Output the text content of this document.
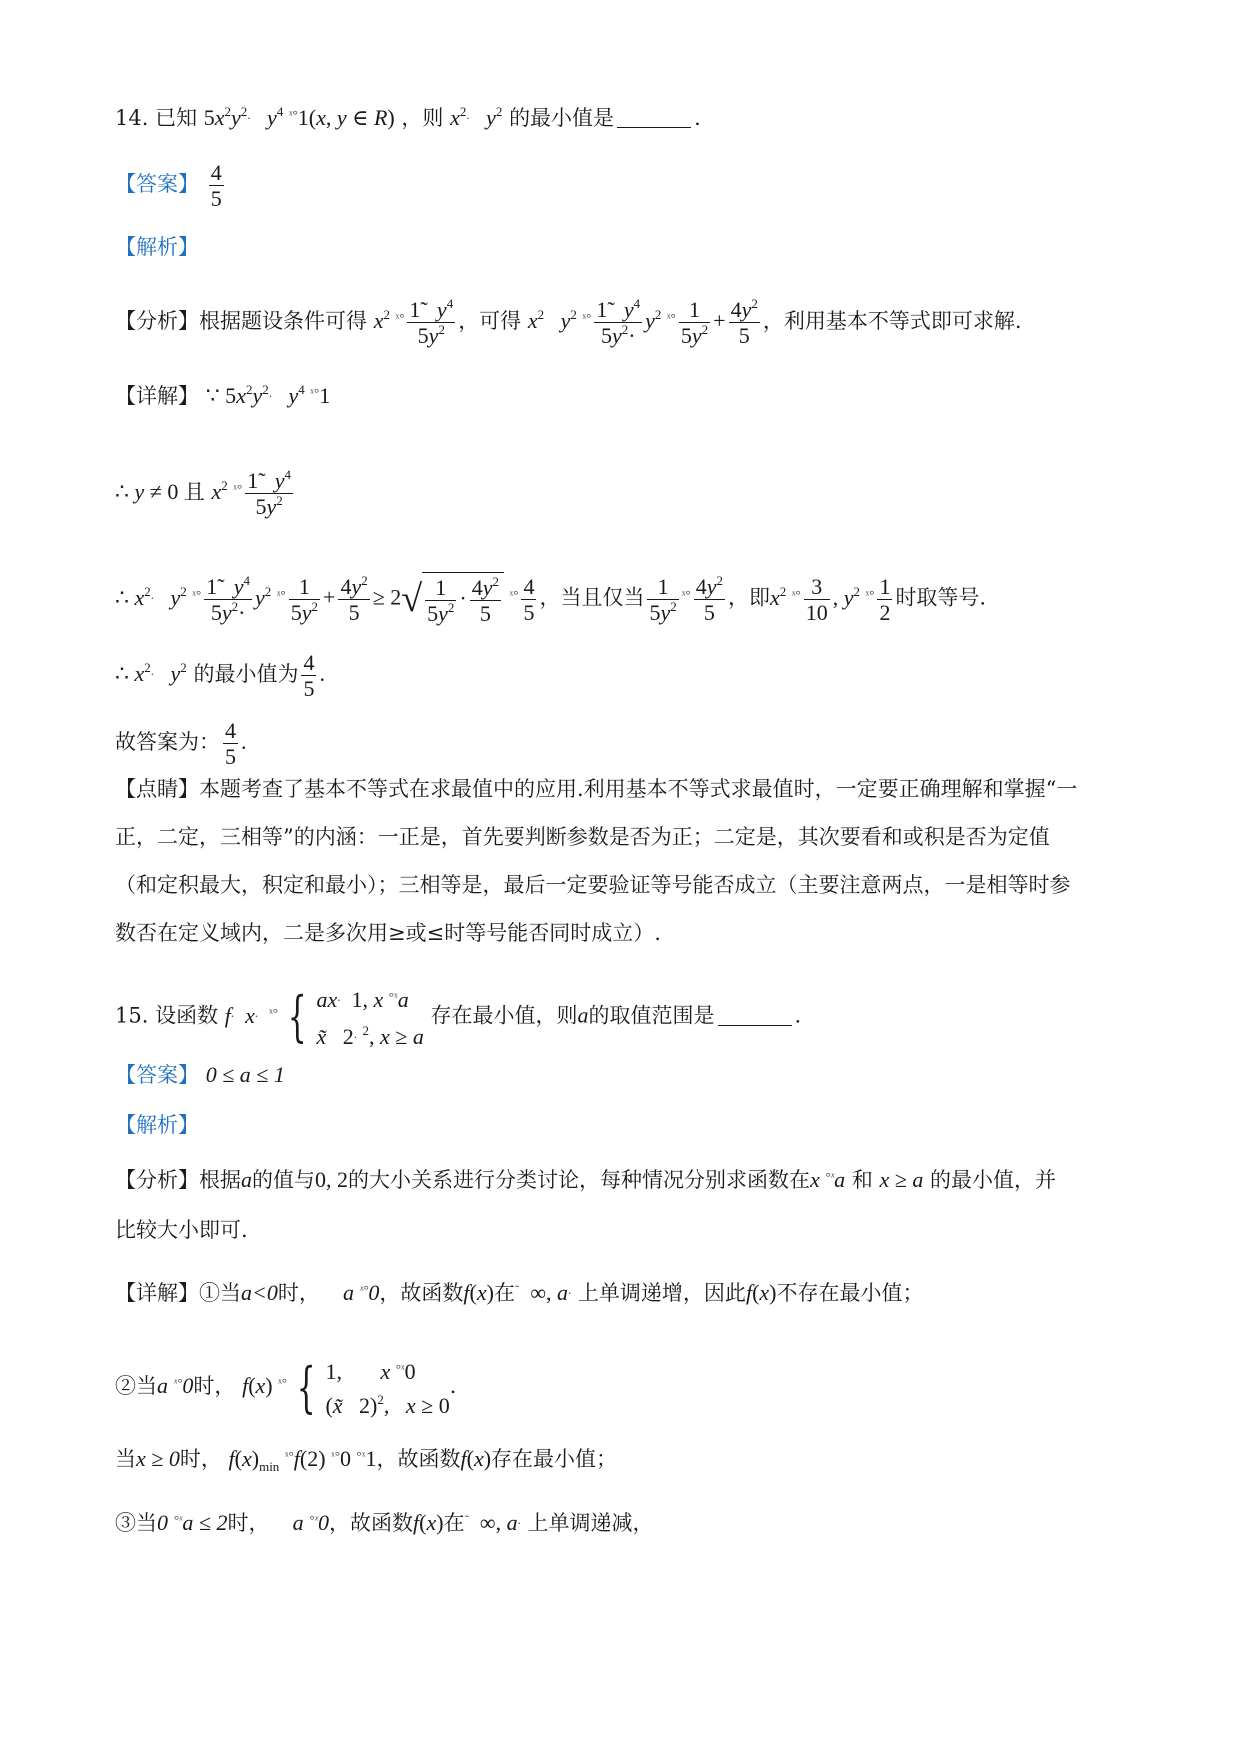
14. 已知 $5x^2y^{2.}$ $y^4$ $^{ˣ^\circ}$1(x, y ∈ R) ，则 $x^{2.}$ $y^2$ 的最小值是	.
【答案】 $\frac{4}{5}$
【解析】
【分析】根据题设条件可得 $x^2$ $^{ˣ^\circ} \frac{1̃ y^4}{5y^2}$ ，可得 $x^2$ $y^2$ $^{ˣ^\circ} \frac{1̃ y^4}{5y^2\cdot} y^2$ $^{ˣ^\circ} \frac{1}{5y^2} + \frac{4y^2}{5}$ ，利用基本不等式即可求解.
【详解】 ∵ $5x^2y^{2.}$ $y^4$ $^{ˣ^\circ}$1
∴ y ≠ 0 且 $x^2$ $^{ˣ^\circ} \frac{1̃ y^4}{5y^2}$
∴ $x^{2.}$ $y^2$ $^{ˣ^\circ} \frac{1̃ y^4}{5y^2\cdot} y^2$ $^{ˣ^\circ} \frac{1}{5y^2} + \frac{4y^2}{5} \ge 2√ \frac{1}{5y^2} \cdot \frac{4y^2}{5} ^{ˣ^\circ} \frac{4}{5}$ ，当且仅当 $\frac{1}{5y^2} ^{ˣ^\circ} \frac{4y^2}{5}$ ，即$x^2$ $^{ˣ^\circ} \frac{3}{10}$ , $y^2$ $^{ˣ^\circ} \frac{1}{2}$ 时取等号.
∴ $x^{2.}$ $y^2$ 的最小值为 $\frac{4}{5}$ .
故答案为： $\frac{4}{5}$ .
【点睛】本题考查了基本不等式在求最值中的应用.利用基本不等式求最值时，一定要正确理解和掌握“一
正，二定，三相等”的内涵：一正是，首先要判断参数是否为正；二定是，其次要看和或积是否为定值
（和定积最大，积定和最小）；三相等是，最后一定要验证等号能否成立（主要注意两点，一是相等时参
数否在定义域内，二是多次用≥或≤时等号能否同时成立）.
15. 设函数 f. x. $^{ˣ^\circ}$ { ax.  1, x $^{^\circ ˣ}$a
x̃   2. $^2$, x ≥ a
存在最小值，则a的取值范围是	.
【答案】 0 ≤ a ≤ 1
【解析】
【分析】根据a的值与0, 2的大小关系进行分类讨论，每种情况分别求函数在x $^{^\circ ˣ}$a 和 x ≥ a 的最小值，并
比较大小即可.
【详解】①当a<0时，    a $^{ˣ^\circ}$0，故函数f(x)在˜  ∞, a. 上单调递增，因此f(x)不存在最小值；
②当a $^{ˣ^\circ}$0时， f(x) $^{ˣ^\circ}$ { 1,       x $^{^\circ ˣ}$0
(x̃   2)$^2$,   x ≥ 0
.
当x ≥ 0时， $f(x)_{min}$ $^{ˣ^\circ}$f(2) $^{ˣ^\circ}$0 $^{^\circ ˣ}$1，故函数f(x)存在最小值；
③当0 $^{^\circ ˣ}$a ≤ 2时，    a $^{^\circ ˣ}$0，故函数f(x)在˜  ∞, a. 上单调递减，
